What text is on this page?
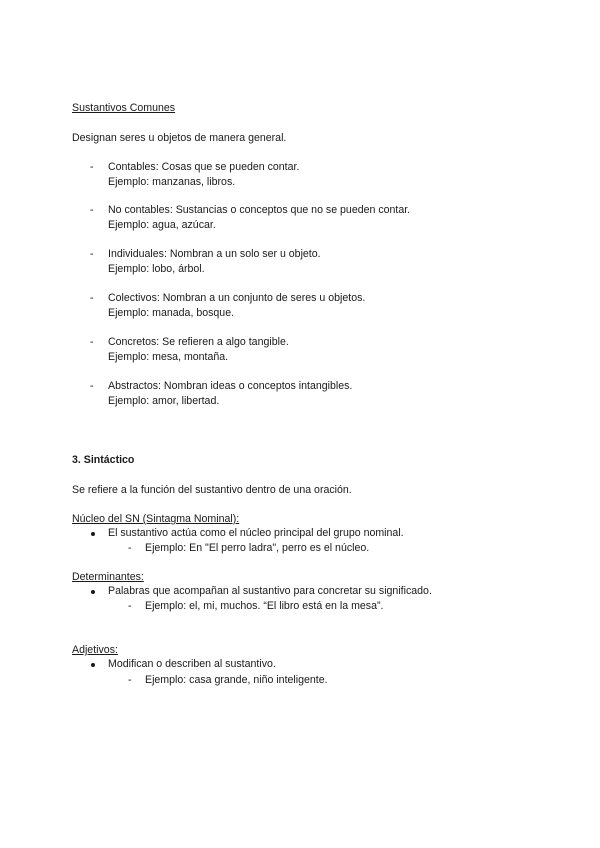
Sustantivos Comunes
Designan seres u objetos de manera general.
- Contables: Cosas que se pueden contar.
Ejemplo: manzanas, libros.
- No contables: Sustancias o conceptos que no se pueden contar.
Ejemplo: agua, azúcar.
- Individuales: Nombran a un solo ser u objeto.
Ejemplo: lobo, árbol.
- Colectivos: Nombran a un conjunto de seres u objetos.
Ejemplo: manada, bosque.
- Concretos: Se refieren a algo tangible.
Ejemplo: mesa, montaña.
- Abstractos: Nombran ideas o conceptos intangibles.
Ejemplo: amor, libertad.
3. Sintáctico
Se refiere a la función del sustantivo dentro de una oración.
Núcleo del SN (Sintagma Nominal):
El sustantivo actúa como el núcleo principal del grupo nominal.
- Ejemplo: En "El perro ladra", perro es el núcleo.
Determinantes:
Palabras que acompañan al sustantivo para concretar su significado.
- Ejemplo: el, mi, muchos. “El libro está en la mesa”.
Adjetivos:
Modifican o describen al sustantivo.
- Ejemplo: casa grande, niño inteligente.
